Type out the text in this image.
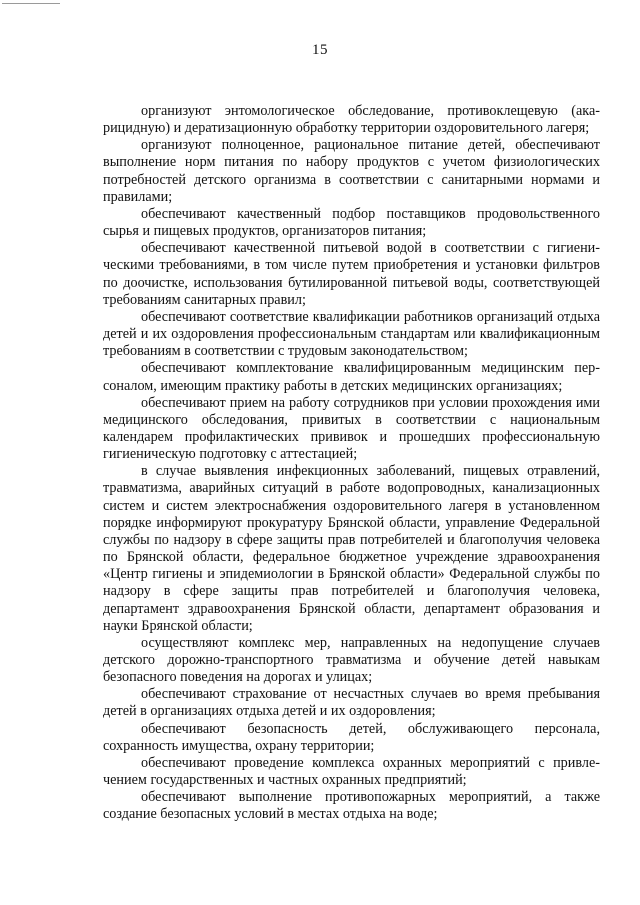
15

организуют энтомологическое обследование, противоклещевую (акарицидную) и дератизационную обработку территории оздоровительного лагеря;

организуют полноценное, рациональное питание детей, обеспечивают выполнение норм питания по набору продуктов с учетом физиологических потребностей детского организма в соответствии с санитарными нормами и правилами;

обеспечивают качественный подбор поставщиков продовольственного сырья и пищевых продуктов, организаторов питания;

обеспечивают качественной питьевой водой в соответствии с гигиеническими требованиями, в том числе путем приобретения и установки фильтров по доочистке, использования бутилированной питьевой воды, соответствующей требованиям санитарных правил;

обеспечивают соответствие квалификации работников организаций отдыха детей и их оздоровления профессиональным стандартам или квалификационным требованиям в соответствии с трудовым законодательством;

обеспечивают комплектование квалифицированным медицинским персоналом, имеющим практику работы в детских медицинских организациях;

обеспечивают прием на работу сотрудников при условии прохождения ими медицинского обследования, привитых в соответствии с национальным календарем профилактических прививок и прошедших профессиональную гигиеническую подготовку с аттестацией;

в случае выявления инфекционных заболеваний, пищевых отравлений, травматизма, аварийных ситуаций в работе водопроводных, канализационных систем и систем электроснабжения оздоровительного лагеря в установленном порядке информируют прокуратуру Брянской области, управление Федеральной службы по надзору в сфере защиты прав потребителей и благополучия человека по Брянской области, федеральное бюджетное учреждение здравоохранения «Центр гигиены и эпидемиологии в Брянской области» Федеральной службы по надзору в сфере защиты прав потребителей и благополучия человека, департамент здравоохранения Брянской области, департамент образования и науки Брянской области;

осуществляют комплекс мер, направленных на недопущение случаев детского дорожно-транспортного травматизма и обучение детей навыкам безопасного поведения на дорогах и улицах;

обеспечивают страхование от несчастных случаев во время пребывания детей в организациях отдыха детей и их оздоровления;

обеспечивают безопасность детей, обслуживающего персонала, сохранность имущества, охрану территории;

обеспечивают проведение комплекса охранных мероприятий с привлечением государственных и частных охранных предприятий;

обеспечивают выполнение противопожарных мероприятий, а также создание безопасных условий в местах отдыха на воде;
